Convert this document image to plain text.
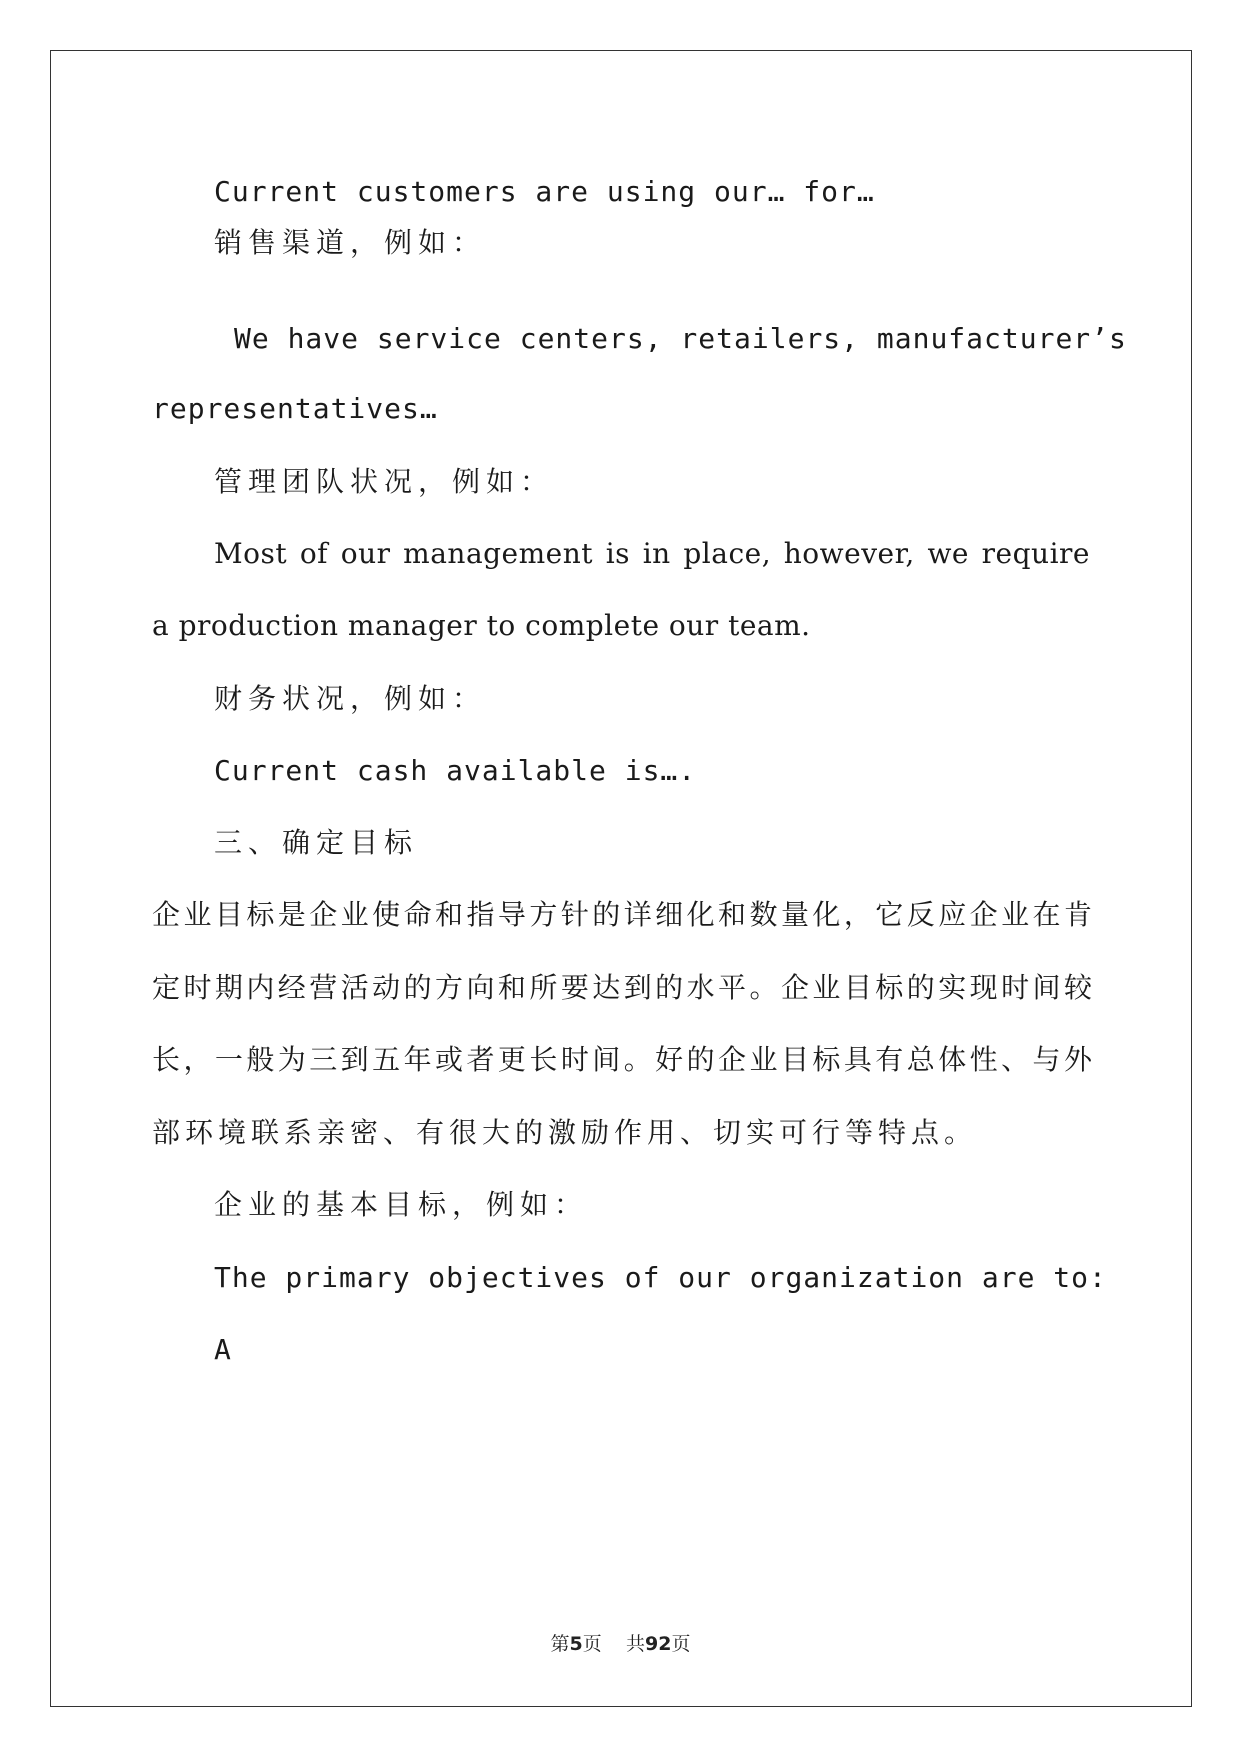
Current customers are using our… for…
销售渠道，例如：
We have service centers, retailers, manufacturer’s
representatives…
管理团队状况，例如：
Most of our management is in place, however, we require
a production manager to complete our team.
财务状况，例如：
Current cash available is….
三、确定目标
企业目标是企业使命和指导方针的详细化和数量化，它反应企业在肯
定时期内经营活动的方向和所要达到的水平。企业目标的实现时间较
长，一般为三到五年或者更长时间。好的企业目标具有总体性、与外
部环境联系亲密、有很大的激励作用、切实可行等特点。
企业的基本目标，例如：
The primary objectives of our organization are to:
A
第5页 共92页
